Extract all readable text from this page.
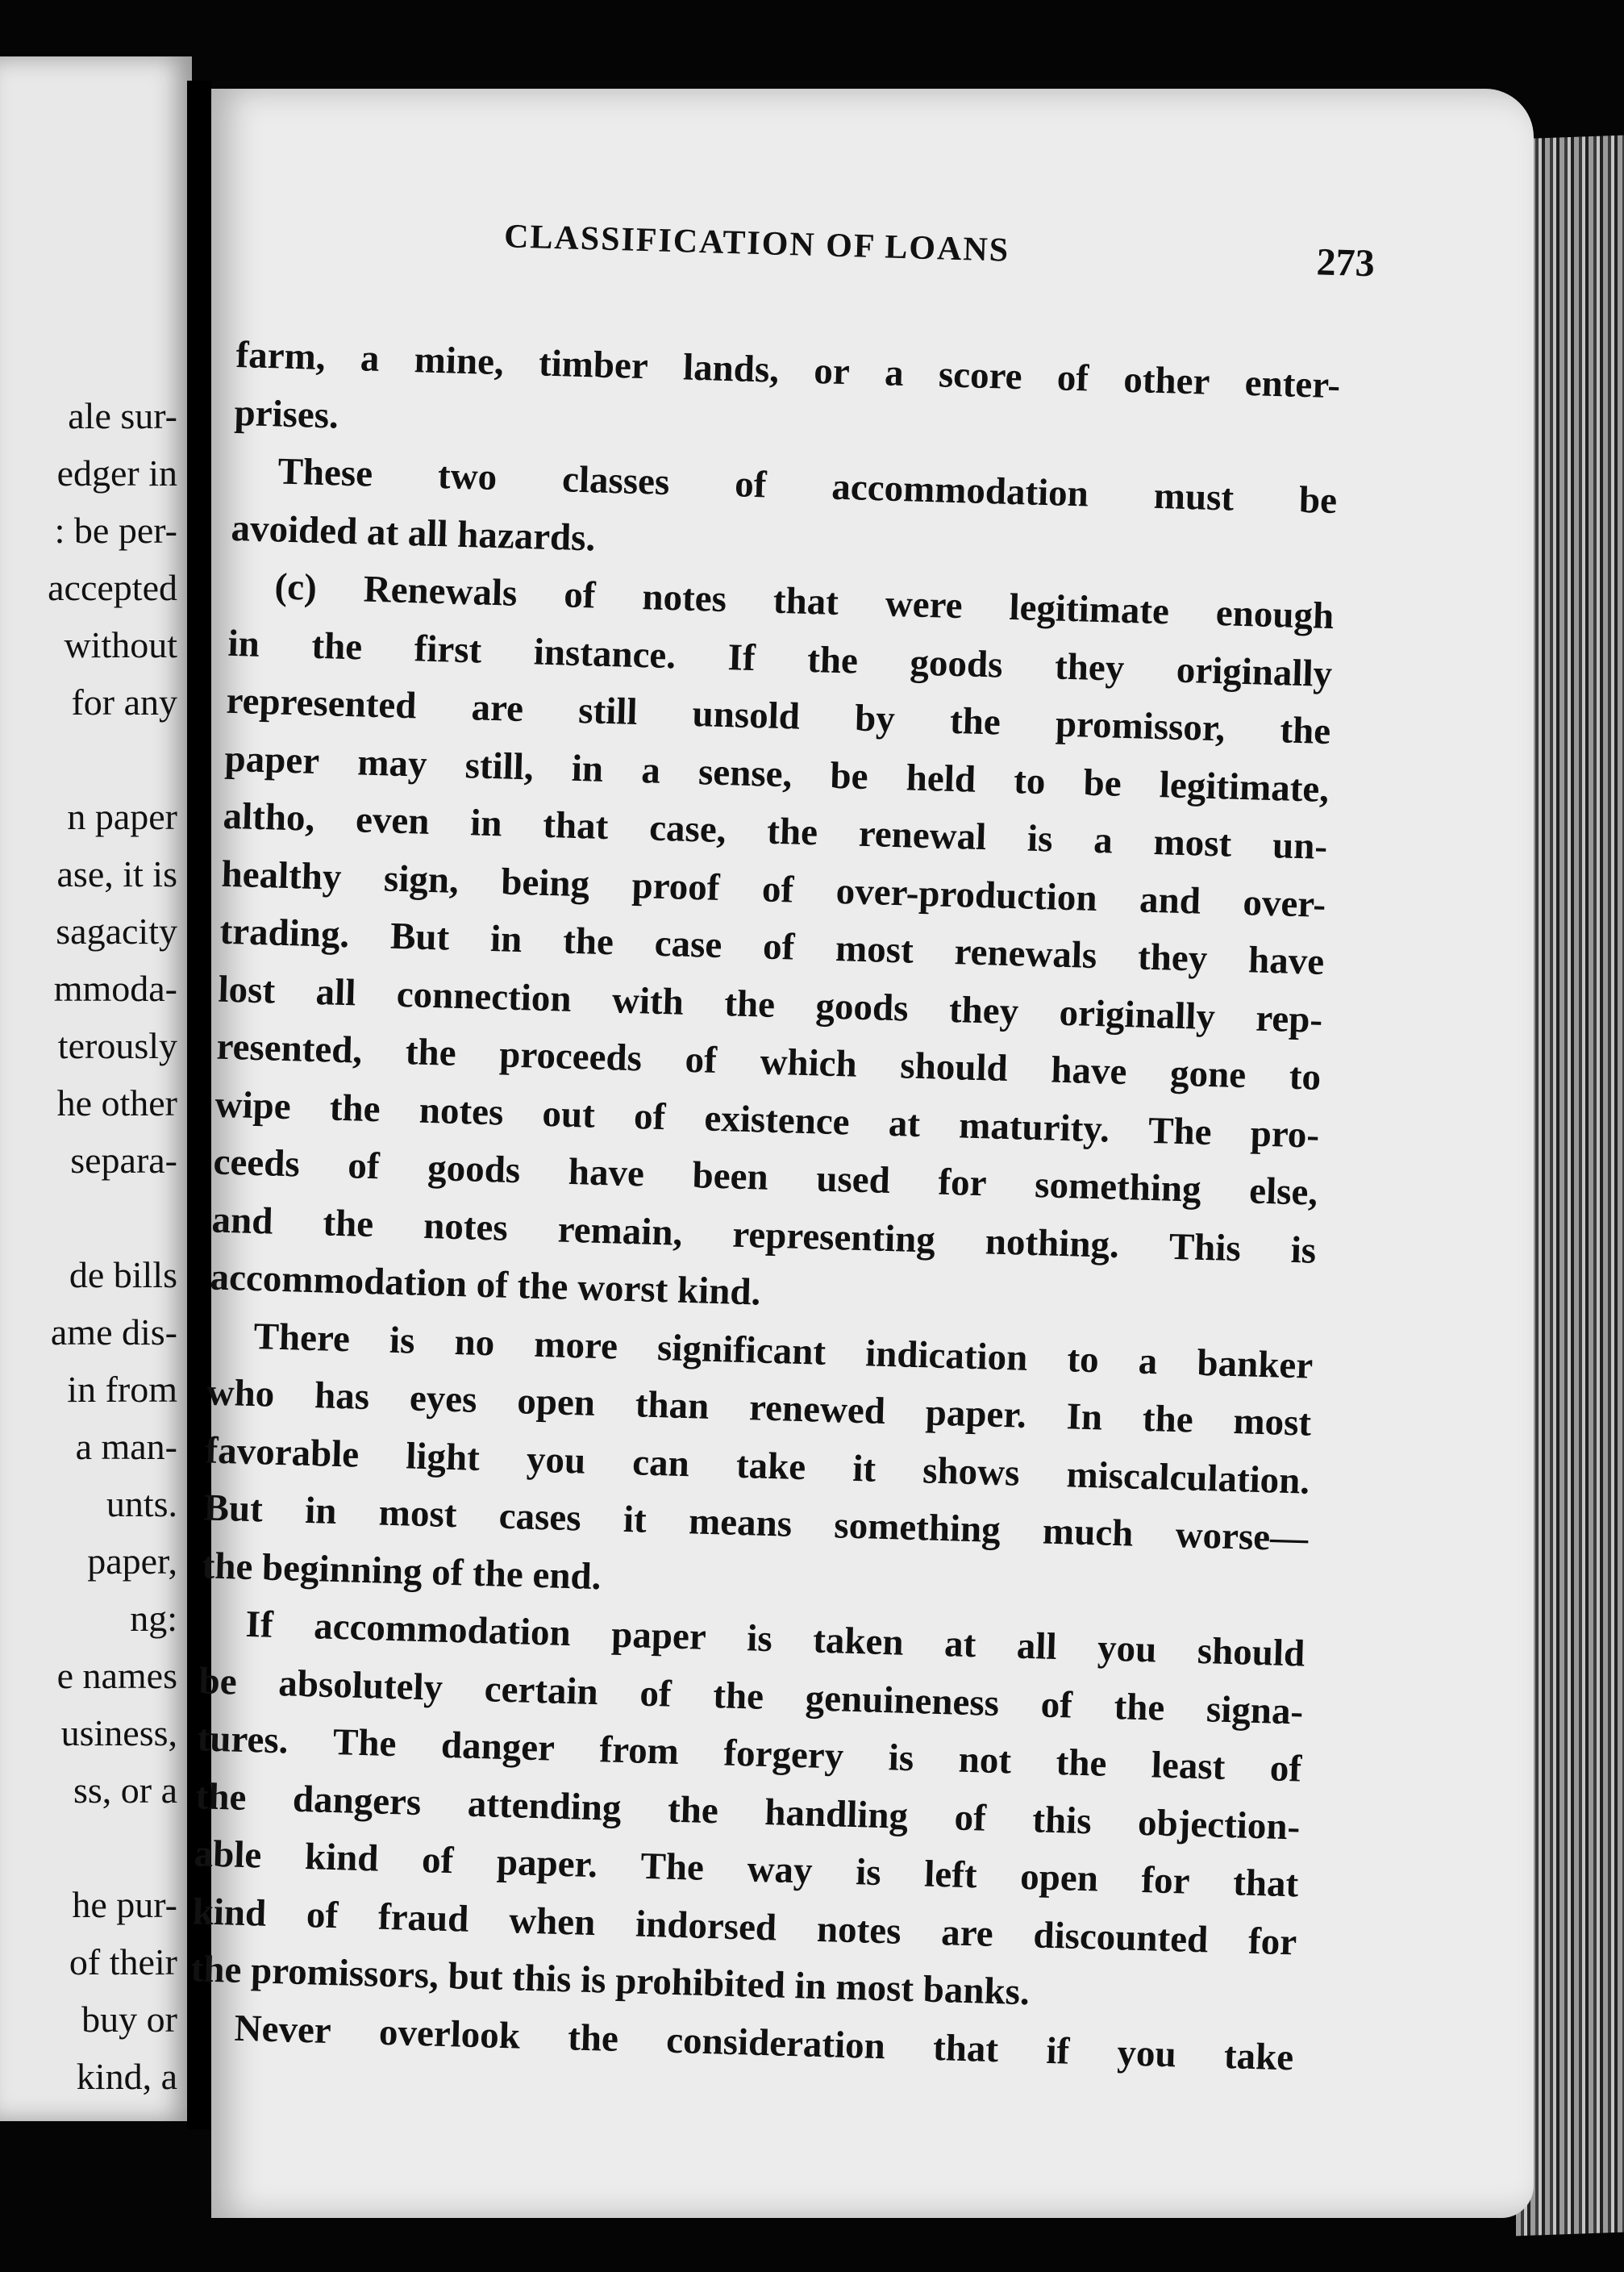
ale sur-
edger in
: be per-
accepted
without
for any
n paper
ase, it is
sagacity
mmoda-
terously
he other
separa-
de bills
ame dis-
in from
a man-
unts.
paper,
ng:
e names
usiness,
ss, or a
he pur-
of their
buy or
kind, a
CLASSIFICATION OF LOANS	273
farm, a mine, timber lands, or a score of other enter-
prises.
These two classes of accommodation must be
avoided
at
all
hazards.
(c) Renewals of notes that were legitimate enough
in the first instance. If the goods they originally
represented are still unsold by the promissor, the
paper may still, in a sense, be held to be legitimate,
altho, even in that case, the renewal is a most un-
healthy sign, being proof of over-production and over-
trading. But in the case of most renewals they have
lost all connection with the goods they originally rep-
resented, the proceeds of which should have gone to
wipe the notes out of existence at maturity. The pro-
ceeds of goods have been used for something else,
and the notes remain, representing nothing. This is
accommodation
of
the
worst
kind.
There is no more significant indication to a banker
who has eyes open than renewed paper. In the most
favorable light you can take it shows miscalculation.
But in most cases it means something much worse—
the
beginning
of
the
end.
If accommodation paper is taken at all you should
be absolutely certain of the genuineness of the signa-
tures. The danger from forgery is not the least of
the dangers attending the handling of this objection-
able kind of paper. The way is left open for that
kind of fraud when indorsed notes are discounted for
the
promissors,
but
this
is
prohibited
in
most
banks.
Never overlook the consideration that if you take
